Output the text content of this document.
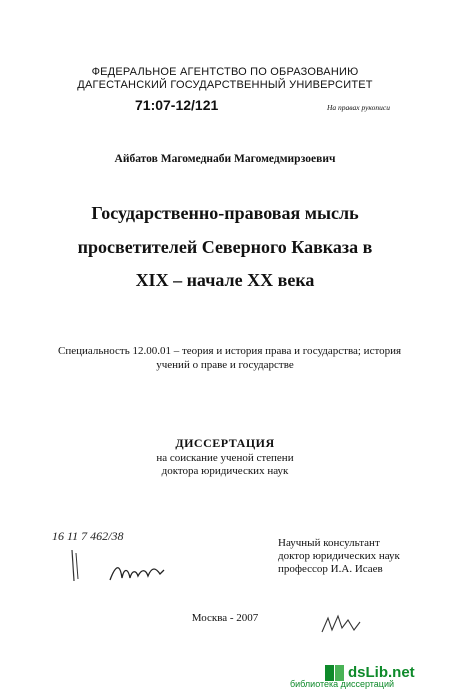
ФЕДЕРАЛЬНОЕ АГЕНТСТВО ПО ОБРАЗОВАНИЮ
ДАГЕСТАНСКИЙ ГОСУДАРСТВЕННЫЙ УНИВЕРСИТЕТ
71:07-12/121	На правах рукописи
Айбатов Магомеднаби Магомедмирзоевич
Государственно-правовая мысль
просветителей Северного Кавказа в
XIX – начале XX века
Специальность 12.00.01 – теория и история права и государства; история
учений о праве и государстве
ДИССЕРТАЦИЯ
на соискание ученой степени
доктора юридических наук
16 11 7 462/38	Научный консультант
доктор юридических наук
профессор И.А. Исаев
Москва - 2007
dsLib.net
библиотека диссертаций
